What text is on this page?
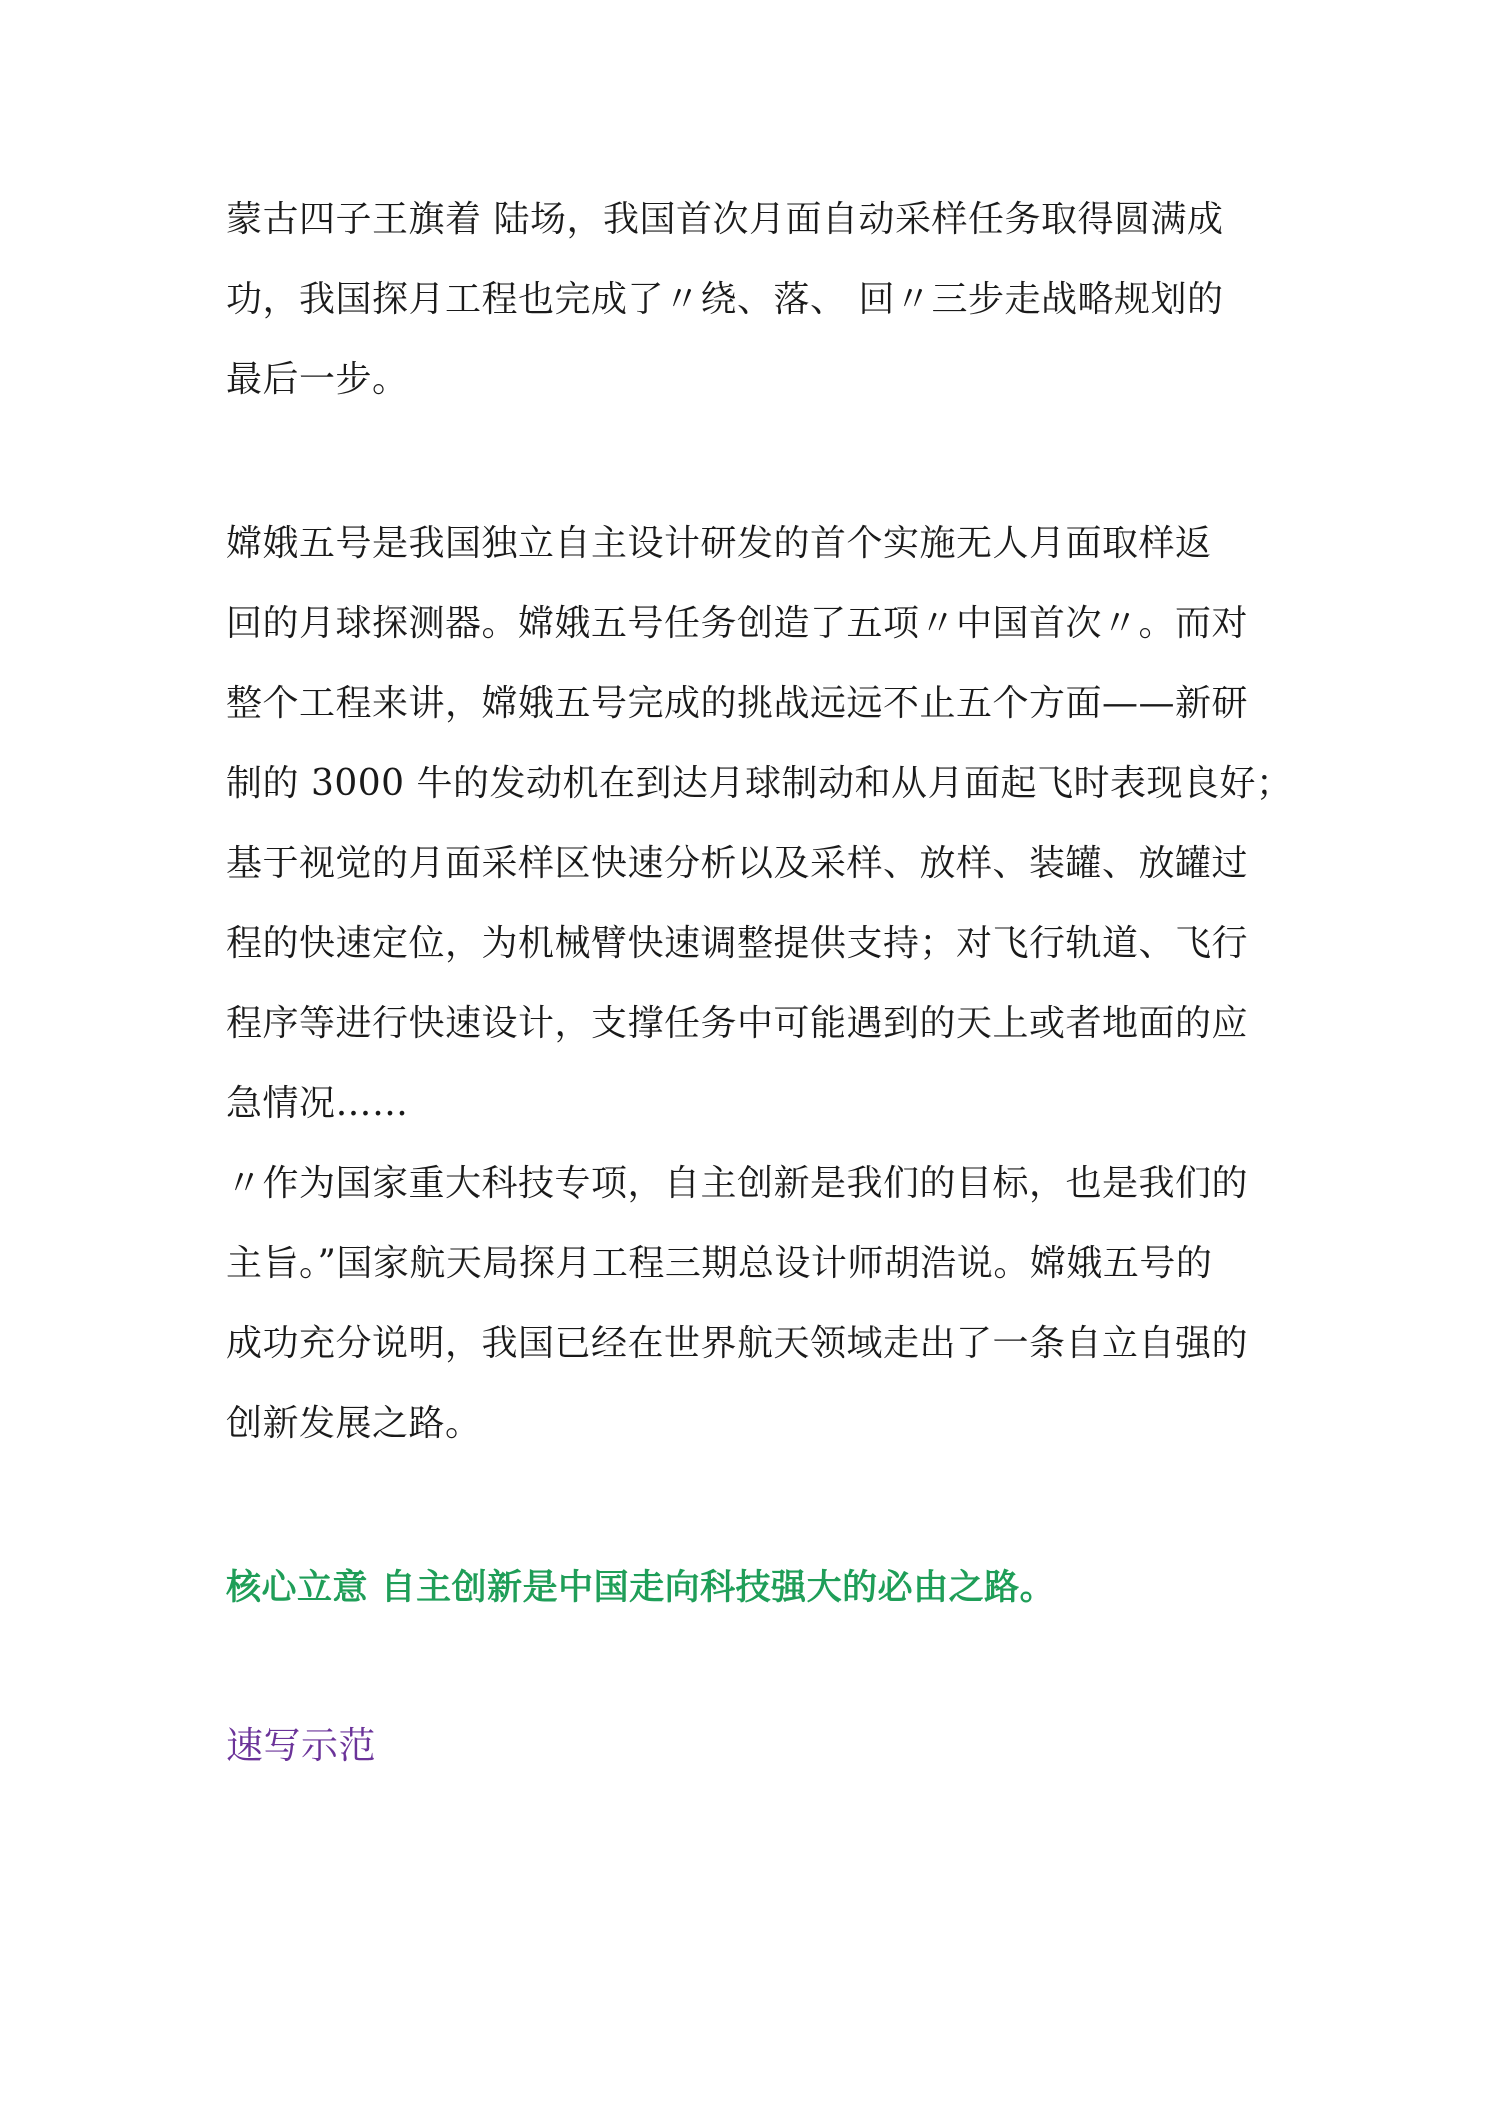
蒙古四子王旗着 陆场，我国首次月面自动采样任务取得圆满成

功，我国探月工程也完成了〃绕、落、 回〃三步走战略规划的

最后一步。

嫦娥五号是我国独立自主设计研发的首个实施无人月面取样返

回的月球探测器。嫦娥五号任务创造了五项〃中国首次〃。而对

整个工程来讲，嫦娥五号完成的挑战远远不止五个方面——新研

制的 3000 牛的发动机在到达月球制动和从月面起飞时表现良好；

基于视觉的月面采样区快速分析以及采样、放样、装罐、放罐过

程的快速定位，为机械臂快速调整提供支持；对飞行轨道、飞行

程序等进行快速设计，支撑任务中可能遇到的天上或者地面的应

急情况……

〃作为国家重大科技专项，自主创新是我们的目标，也是我们的

主旨。”国家航天局探月工程三期总设计师胡浩说。嫦娥五号的

成功充分说明，我国已经在世界航天领域走出了一条自立自强的

创新发展之路。

核心立意 自主创新是中国走向科技强大的必由之路。

速写示范
